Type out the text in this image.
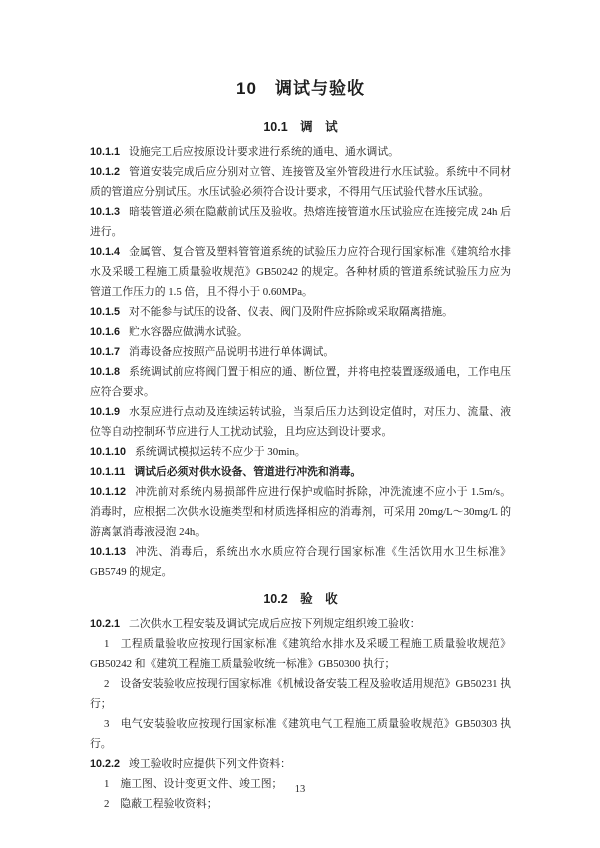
10　调试与验收
10.1　调　试

10.1.1 设施完工后应按原设计要求进行系统的通电、通水调试。

10.1.2 管道安装完成后应分别对立管、连接管及室外管段进行水压试验。系统中不同材质的管道应分别试压。水压试验必须符合设计要求，不得用气压试验代替水压试验。

10.1.3 暗装管道必须在隐蔽前试压及验收。热熔连接管道水压试验应在连接完成 24h 后进行。

10.1.4 金属管、复合管及塑料管管道系统的试验压力应符合现行国家标准《建筑给水排水及采暖工程施工质量验收规范》GB50242 的规定。各种材质的管道系统试验压力应为管道工作压力的 1.5 倍，且不得小于 0.60MPa。

10.1.5 对不能参与试压的设备、仪表、阀门及附件应拆除或采取隔离措施。

10.1.6 贮水容器应做满水试验。

10.1.7 消毒设备应按照产品说明书进行单体调试。

10.1.8 系统调试前应将阀门置于相应的通、断位置，并将电控装置逐级通电，工作电压应符合要求。

10.1.9 水泵应进行点动及连续运转试验，当泵后压力达到设定值时，对压力、流量、液位等自动控制环节应进行人工扰动试验，且均应达到设计要求。

10.1.10 系统调试模拟运转不应少于 30min。

10.1.11 调试后必须对供水设备、管道进行冲洗和消毒。

10.1.12 冲洗前对系统内易损部件应进行保护或临时拆除，冲洗流速不应小于 1.5m/s。消毒时，应根据二次供水设施类型和材质选择相应的消毒剂，可采用 20mg/L～30mg/L 的游离氯消毒液浸泡 24h。

10.1.13 冲洗、消毒后，系统出水水质应符合现行国家标准《生活饮用水卫生标准》GB5749 的规定。

10.2　验　收

10.2.1 二次供水工程安装及调试完成后应按下列规定组织竣工验收：

1 工程质量验收应按现行国家标准《建筑给水排水及采暖工程施工质量验收规范》GB50242 和《建筑工程施工质量验收统一标准》GB50300 执行；

2 设备安装验收应按现行国家标准《机械设备安装工程及验收适用规范》GB50231 执行；

3 电气安装验收应按现行国家标准《建筑电气工程施工质量验收规范》GB50303 执行。

10.2.2 竣工验收时应提供下列文件资料：

1 施工图、设计变更文件、竣工图；

2 隐蔽工程验收资料；

13
